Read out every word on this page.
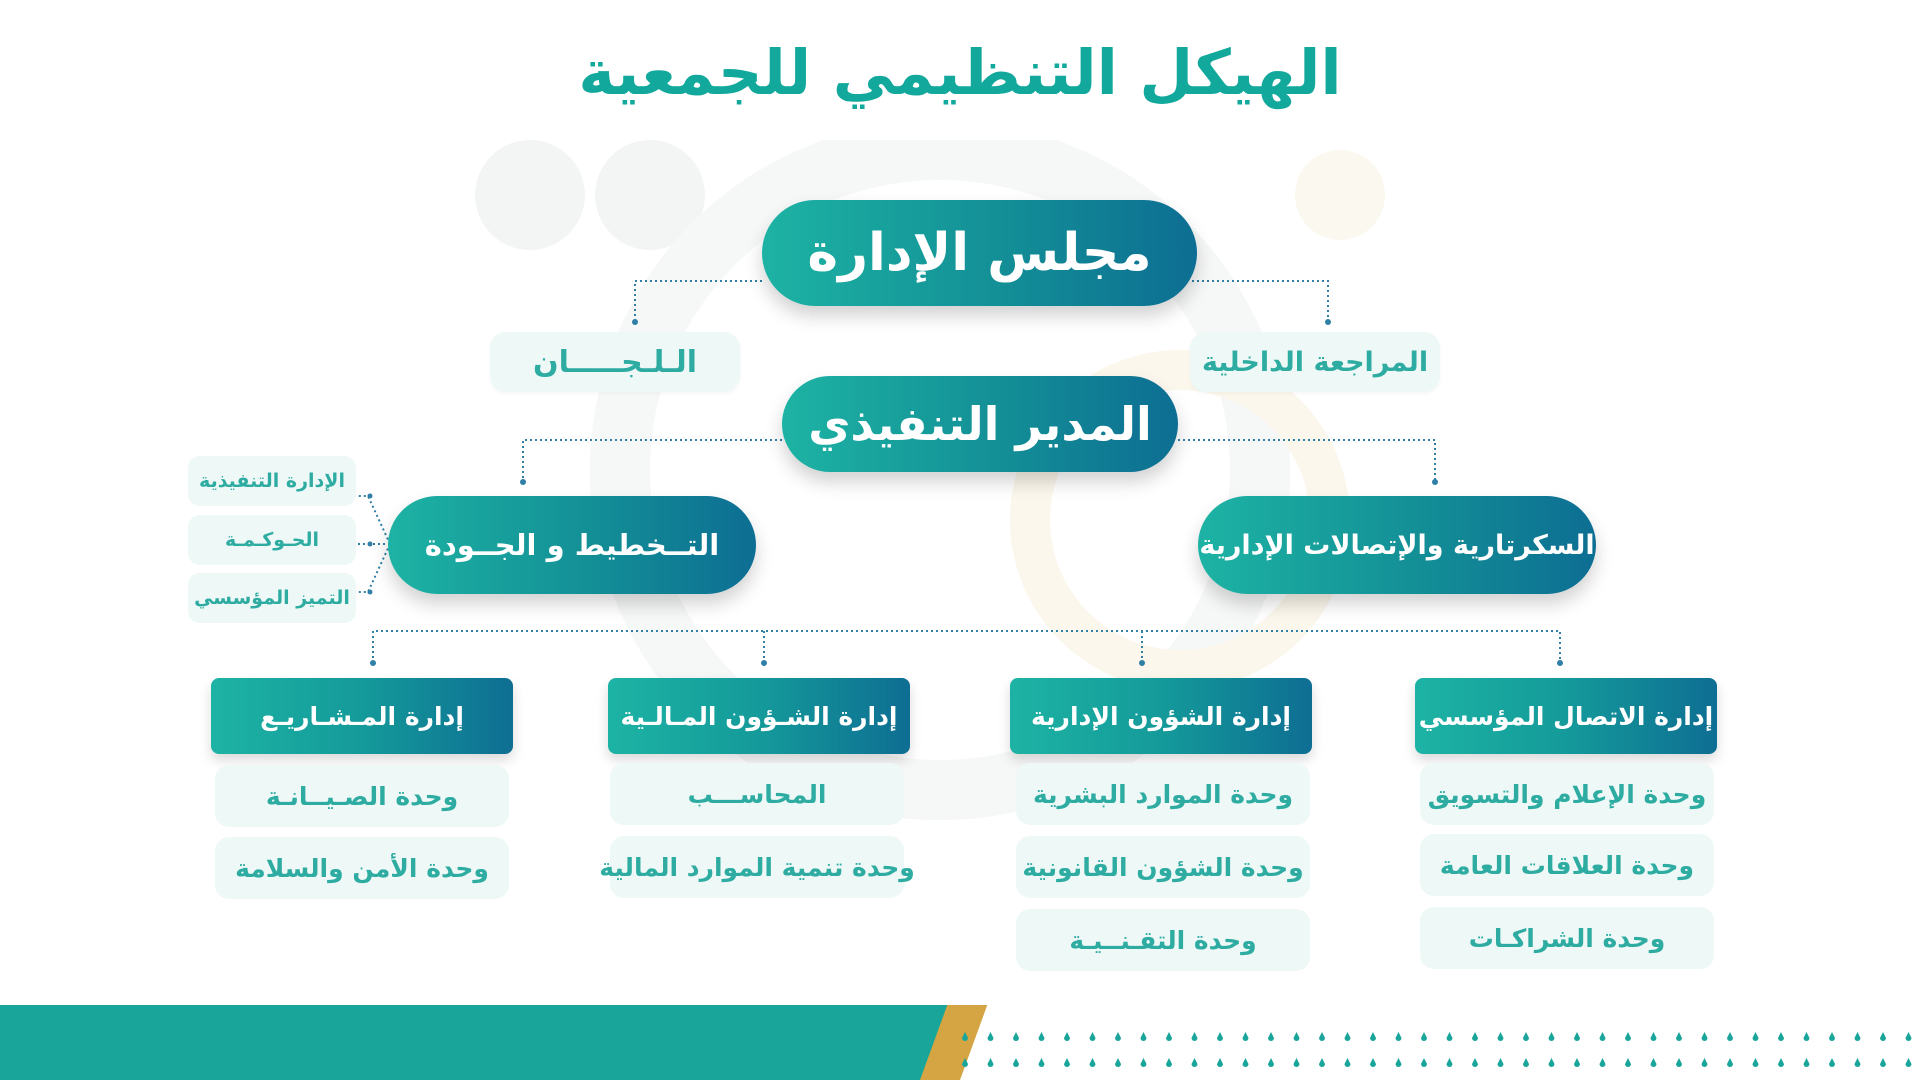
الهيكل التنظيمي للجمعية
مجلس الإدارة
الـلـجـــــان	المراجعة الداخلية
المدير التنفيذي
التــخطيط و الجــودة	السكرتارية والإتصالات الإدارية
الإدارة التنفيذية
الحـوكـمـة
التميز المؤسسي
إدارة المـشـاريـع
وحدة الصـيــانـة
وحدة الأمن والسلامة
إدارة الشـؤون المـالـية
المحاســـب
وحدة تنمية الموارد المالية
إدارة الشؤون الإدارية
وحدة الموارد البشرية
وحدة الشؤون القانونية
وحدة التقـنــيـة
إدارة الاتصال المؤسسي
وحدة الإعلام والتسويق
وحدة العلاقات العامة
وحدة الشراكـات
